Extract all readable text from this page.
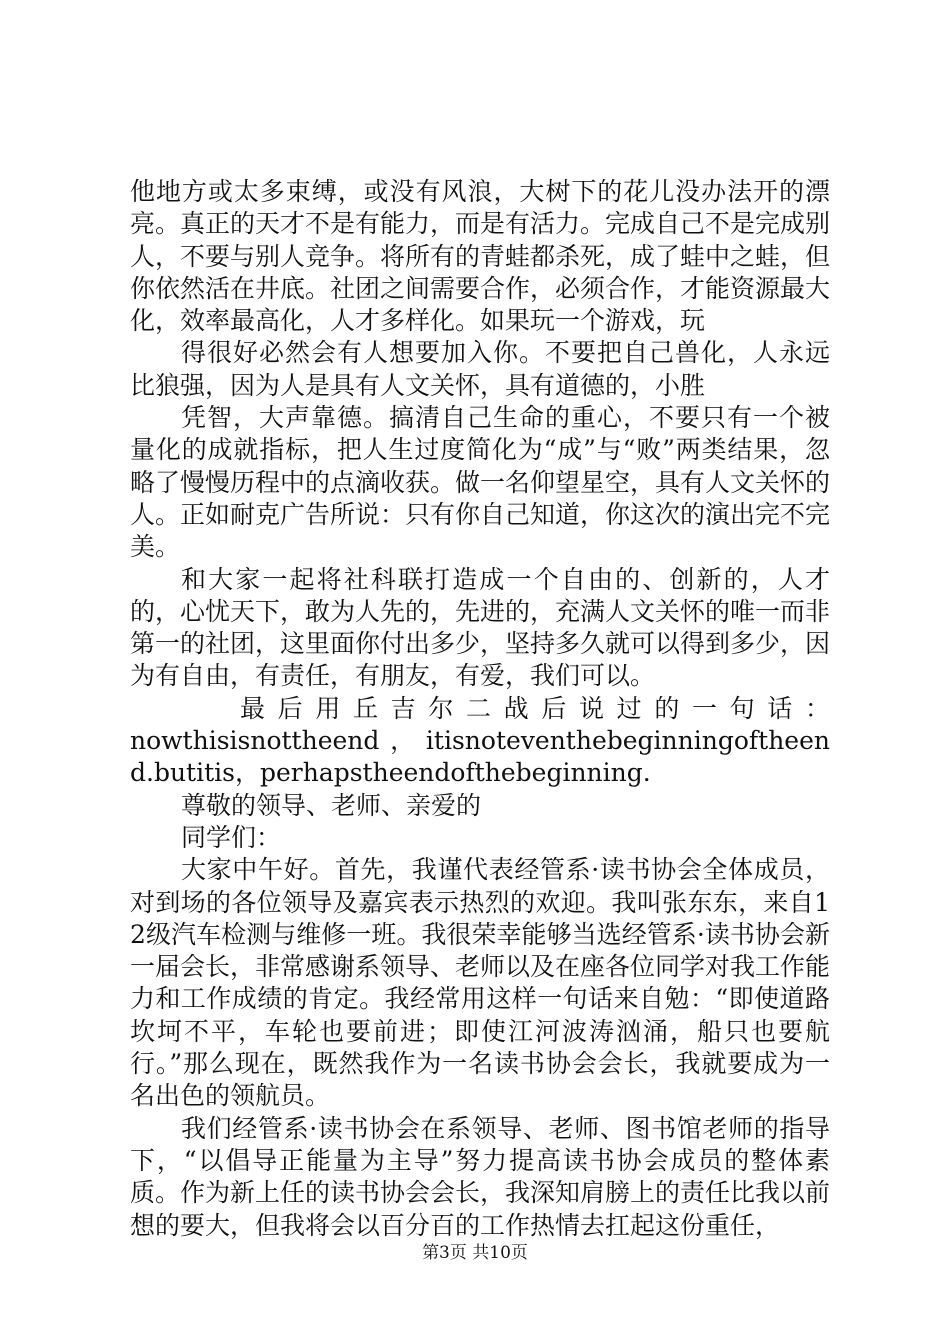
他地方或太多束缚，或没有风浪，大树下的花儿没办法开的漂亮。真正的天才不是有能力，而是有活力。完成自己不是完成别人，不要与别人竞争。将所有的青蛙都杀死，成了蛙中之蛙，但你依然活在井底。社团之间需要合作，必须合作，才能资源最大化，效率最高化，人才多样化。如果玩一个游戏，玩

得很好必然会有人想要加入你。不要把自己兽化，人永远比狼强，因为人是具有人文关怀，具有道德的，小胜

凭智，大声靠德。搞清自己生命的重心，不要只有一个被量化的成就指标，把人生过度简化为“成”与“败”两类结果，忽略了慢慢历程中的点滴收获。做一名仰望星空，具有人文关怀的人。正如耐克广告所说：只有你自己知道，你这次的演出完不完美。

和大家一起将社科联打造成一个自由的、创新的，人才的，心忧天下，敢为人先的，先进的，充满人文关怀的唯一而非第一的社团，这里面你付出多少，坚持多久就可以得到多少，因为有自由，有责任，有朋友，有爱，我们可以。

最后用丘吉尔二战后说过的一句话：

nowthisisnottheend，itisnoteventhebeginningoftheend.butitis，perhapstheendofthebeginning.

尊敬的领导、老师、亲爱的

同学们：

大家中午好。首先，我谨代表经管系·读书协会全体成员，对到场的各位领导及嘉宾表示热烈的欢迎。我叫张东东，来自12级汽车检测与维修一班。我很荣幸能够当选经管系·读书协会新一届会长，非常感谢系领导、老师以及在座各位同学对我工作能力和工作成绩的肯定。我经常用这样一句话来自勉：“即使道路坎坷不平，车轮也要前进；即使江河波涛汹涌，船只也要航行。”那么现在，既然我作为一名读书协会会长，我就要成为一名出色的领航员。

我们经管系·读书协会在系领导、老师、图书馆老师的指导下，“以倡导正能量为主导”努力提高读书协会成员的整体素质。作为新上任的读书协会会长，我深知肩膀上的责任比我以前想的要大，但我将会以百分百的工作热情去扛起这份重任，

第3页 共10页
